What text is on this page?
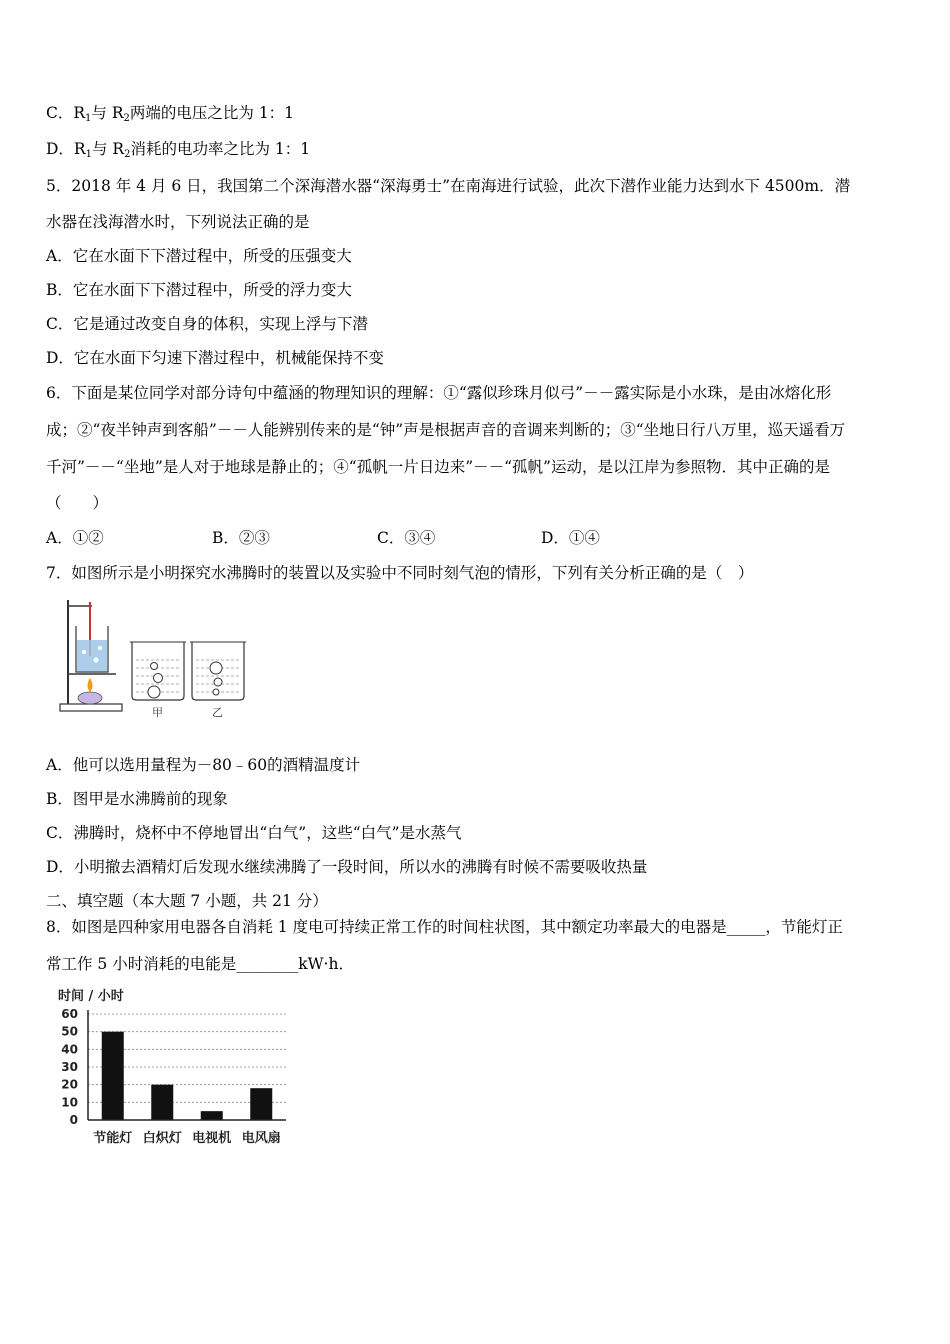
C．$R_1$与 $R_2$两端的电压之比为 1：1
D．$R_1$与 $R_2$消耗的电功率之比为 1：1
5．2018 年 4 月 6 日，我国第二个深海潜水器“深海勇士”在南海进行试验，此次下潜作业能力达到水下 4500m．潜
水器在浅海潜水时，下列说法正确的是
A．它在水面下下潜过程中，所受的压强变大
B．它在水面下下潜过程中，所受的浮力变大
C．它是通过改变自身的体积，实现上浮与下潜
D．它在水面下匀速下潜过程中，机械能保持不变
6．下面是某位同学对部分诗句中蕴涵的物理知识的理解：①“露似珍珠月似弓”－－露实际是小水珠，是由冰熔化形
成；②“夜半钟声到客船”－－人能辨别传来的是“钟”声是根据声音的音调来判断的；③“坐地日行八万里，巡天遥看万
千河”－－“坐地”是人对于地球是静止的；④“孤帆一片日边来”－－“孤帆”运动，是以江岸为参照物．其中正确的是
（　　）
A．①②	B．②③	C．③④	D．①④
7．如图所示是小明探究水沸腾时的装置以及实验中不同时刻气泡的情形，下列有关分析正确的是（　）
甲	乙
A．他可以选用量程为－80﹣60的酒精温度计
B．图甲是水沸腾前的现象
C．沸腾时，烧杯中不停地冒出“白气”，这些“白气”是水蒸气
D．小明撤去酒精灯后发现水继续沸腾了一段时间，所以水的沸腾有时候不需要吸收热量
二、填空题（本大题 7 小题，共 21 分）
8．如图是四种家用电器各自消耗 1 度电可持续正常工作的时间柱状图，其中额定功率最大的电器是_____，节能灯正
常工作 5 小时消耗的电能是________kW·h．
时间 / 小时
0
10
20
30
40
50
60
节能灯 白炽灯 电视机 电风扇
